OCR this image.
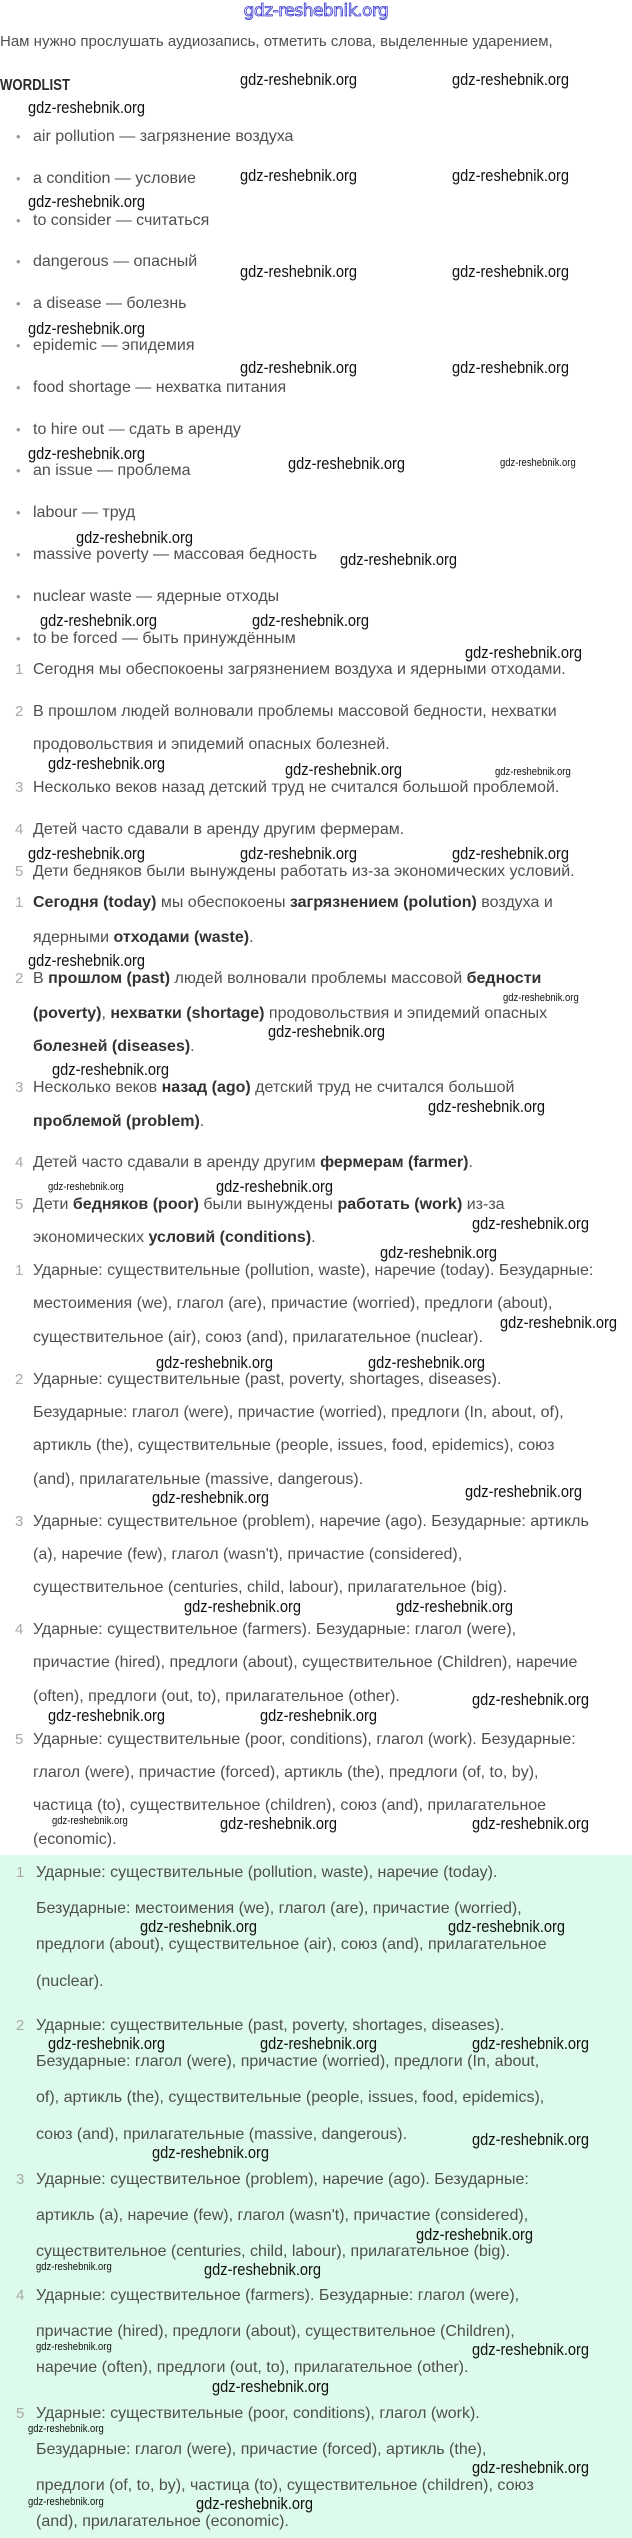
gdz-reshebnik.org
Нам нужно прослушать аудиозапись, отметить слова, выделенные ударением,
WORDLIST
• air pollution — загрязнение воздуха
• a condition — условие
• to consider — считаться
• dangerous — опасный
• a disease — болезнь
• epidemic — эпидемия
• food shortage — нехватка питания
• to hire out — сдать в аренду
• an issue — проблема
• labour — труд
• massive poverty — массовая бедность
• nuclear waste — ядерные отходы
• to be forced — быть принуждённым
1 Сегодня мы обеспокоены загрязнением воздуха и ядерными отходами.
2 В прошлом людей волновали проблемы массовой бедности, нехватки
продовольствия и эпидемий опасных болезней.
3 Несколько веков назад детский труд не считался большой проблемой.
4 Детей часто сдавали в аренду другим фермерам.
5 Дети бедняков были вынуждены работать из-за экономических условий.
1 Сегодня (today) мы обеспокоены загрязнением (polution) воздуха и
ядерными отходами (waste).
2 В прошлом (past) людей волновали проблемы массовой бедности
(poverty), нехватки (shortage) продовольствия и эпидемий опасных
болезней (diseases).
3 Несколько веков назад (ago) детский труд не считался большой
проблемой (problem).
4 Детей часто сдавали в аренду другим фермерам (farmer).
5 Дети бедняков (poor) были вынуждены работать (work) из-за
экономических условий (conditions).
1 Ударные: существительные (pollution, waste), наречие (today). Безударные:
местоимения (we), глагол (are), причастие (worried), предлоги (about),
существительное (air), союз (and), прилагательное (nuclear).
2 Ударные: существительные (past, poverty, shortages, diseases).
Безударные: глагол (were), причастие (worried), предлоги (In, about, of),
артикль (the), существительные (people, issues, food, epidemics), союз
(and), прилагательные (massive, dangerous).
3 Ударные: существительное (problem), наречие (ago). Безударные: артикль
(a), наречие (few), глагол (wasn't), причастие (considered),
существительное (centuries, child, labour), прилагательное (big).
4 Ударные: существительное (farmers). Безударные: глагол (were),
причастие (hired), предлоги (about), существительное (Children), наречие
(often), предлоги (out, to), прилагательное (other).
5 Ударные: существительные (poor, conditions), глагол (work). Безударные:
глагол (were), причастие (forced), артикль (the), предлоги (of, to, by),
частица (to), существительное (children), союз (and), прилагательное
(economic).
1 Ударные: существительные (pollution, waste), наречие (today).
Безударные: местоимения (we), глагол (are), причастие (worried),
предлоги (about), существительное (air), союз (and), прилагательное
(nuclear).
2 Ударные: существительные (past, poverty, shortages, diseases).
Безударные: глагол (were), причастие (worried), предлоги (In, about,
of), артикль (the), существительные (people, issues, food, epidemics),
союз (and), прилагательные (massive, dangerous).
3 Ударные: существительное (problem), наречие (ago). Безударные:
артикль (a), наречие (few), глагол (wasn't), причастие (considered),
существительное (centuries, child, labour), прилагательное (big).
4 Ударные: существительное (farmers). Безударные: глагол (were),
причастие (hired), предлоги (about), существительное (Children),
наречие (often), предлоги (out, to), прилагательное (other).
5 Ударные: существительные (poor, conditions), глагол (work).
Безударные: глагол (were), причастие (forced), артикль (the),
предлоги (of, to, by), частица (to), существительное (children), союз
(and), прилагательное (economic).
gdz-reshebnik.org	gdz-reshebnik.org
gdz-reshebnik.org
gdz-reshebnik.org	gdz-reshebnik.org
gdz-reshebnik.org
gdz-reshebnik.org	gdz-reshebnik.org
gdz-reshebnik.org
gdz-reshebnik.org	gdz-reshebnik.org
gdz-reshebnik.org
gdz-reshebnik.org	gdz-reshebnik.org
gdz-reshebnik.org
gdz-reshebnik.org
gdz-reshebnik.org	gdz-reshebnik.org
gdz-reshebnik.org
gdz-reshebnik.org	gdz-reshebnik.org	gdz-reshebnik.org
gdz-reshebnik.org	gdz-reshebnik.org	gdz-reshebnik.org
gdz-reshebnik.org
gdz-reshebnik.org
gdz-reshebnik.org
gdz-reshebnik.org
gdz-reshebnik.org
gdz-reshebnik.org	gdz-reshebnik.org
gdz-reshebnik.org
gdz-reshebnik.org
gdz-reshebnik.org
gdz-reshebnik.org	gdz-reshebnik.org
gdz-reshebnik.org	gdz-reshebnik.org
gdz-reshebnik.org	gdz-reshebnik.org
gdz-reshebnik.org
gdz-reshebnik.org	gdz-reshebnik.org
gdz-reshebnik.org	gdz-reshebnik.org	gdz-reshebnik.org
gdz-reshebnik.org	gdz-reshebnik.org
gdz-reshebnik.org	gdz-reshebnik.org	gdz-reshebnik.org
gdz-reshebnik.org
gdz-reshebnik.org
gdz-reshebnik.org
gdz-reshebnik.org	gdz-reshebnik.org
gdz-reshebnik.org	gdz-reshebnik.org
gdz-reshebnik.org
gdz-reshebnik.org
gdz-reshebnik.org
gdz-reshebnik.org	gdz-reshebnik.org
